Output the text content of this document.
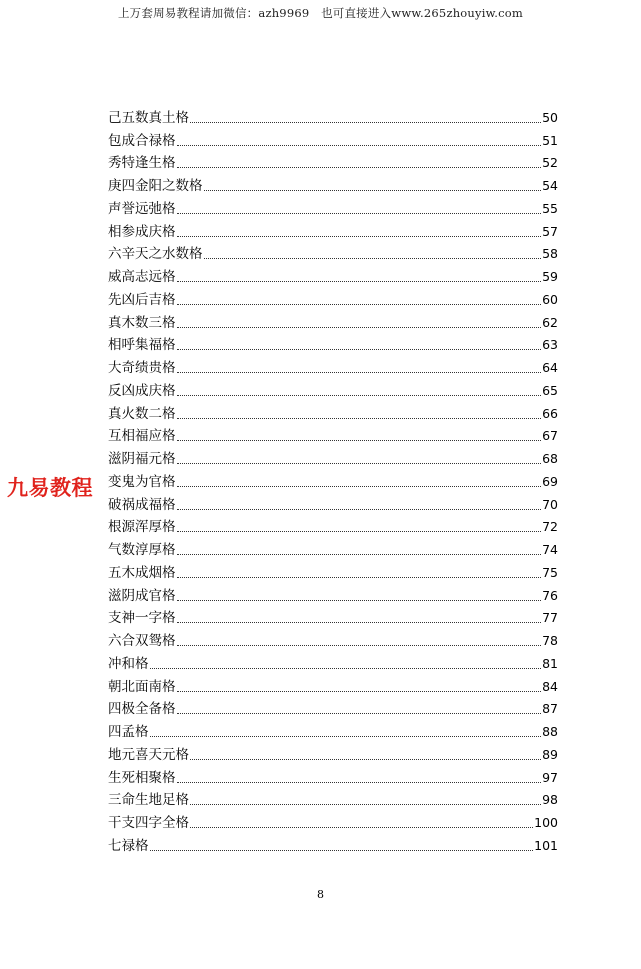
上万套周易教程请加微信：azh9969　也可直接进入www.265zhouyiw.com
己五数真土格	50
包成合禄格	51
秀特逢生格	52
庚四金阳之数格	54
声誉远弛格	55
相参成庆格	57
六辛天之水数格	58
威高志远格	59
先凶后吉格	60
真木数三格	62
相呼集福格	63
大奇绩贵格	64
反凶成庆格	65
真火数二格	66
互相福应格	67
滋阴福元格	68
变鬼为官格	69
破祸成福格	70
根源浑厚格	72
气数淳厚格	74
五木成烟格	75
滋阴成官格	76
支神一字格	77
六合双鸳格	78
冲和格	81
朝北面南格	84
四极全备格	87
四孟格	88
地元喜天元格	89
生死相聚格	97
三命生地足格	98
干支四字全格	100
七禄格	101
九易教程
8
